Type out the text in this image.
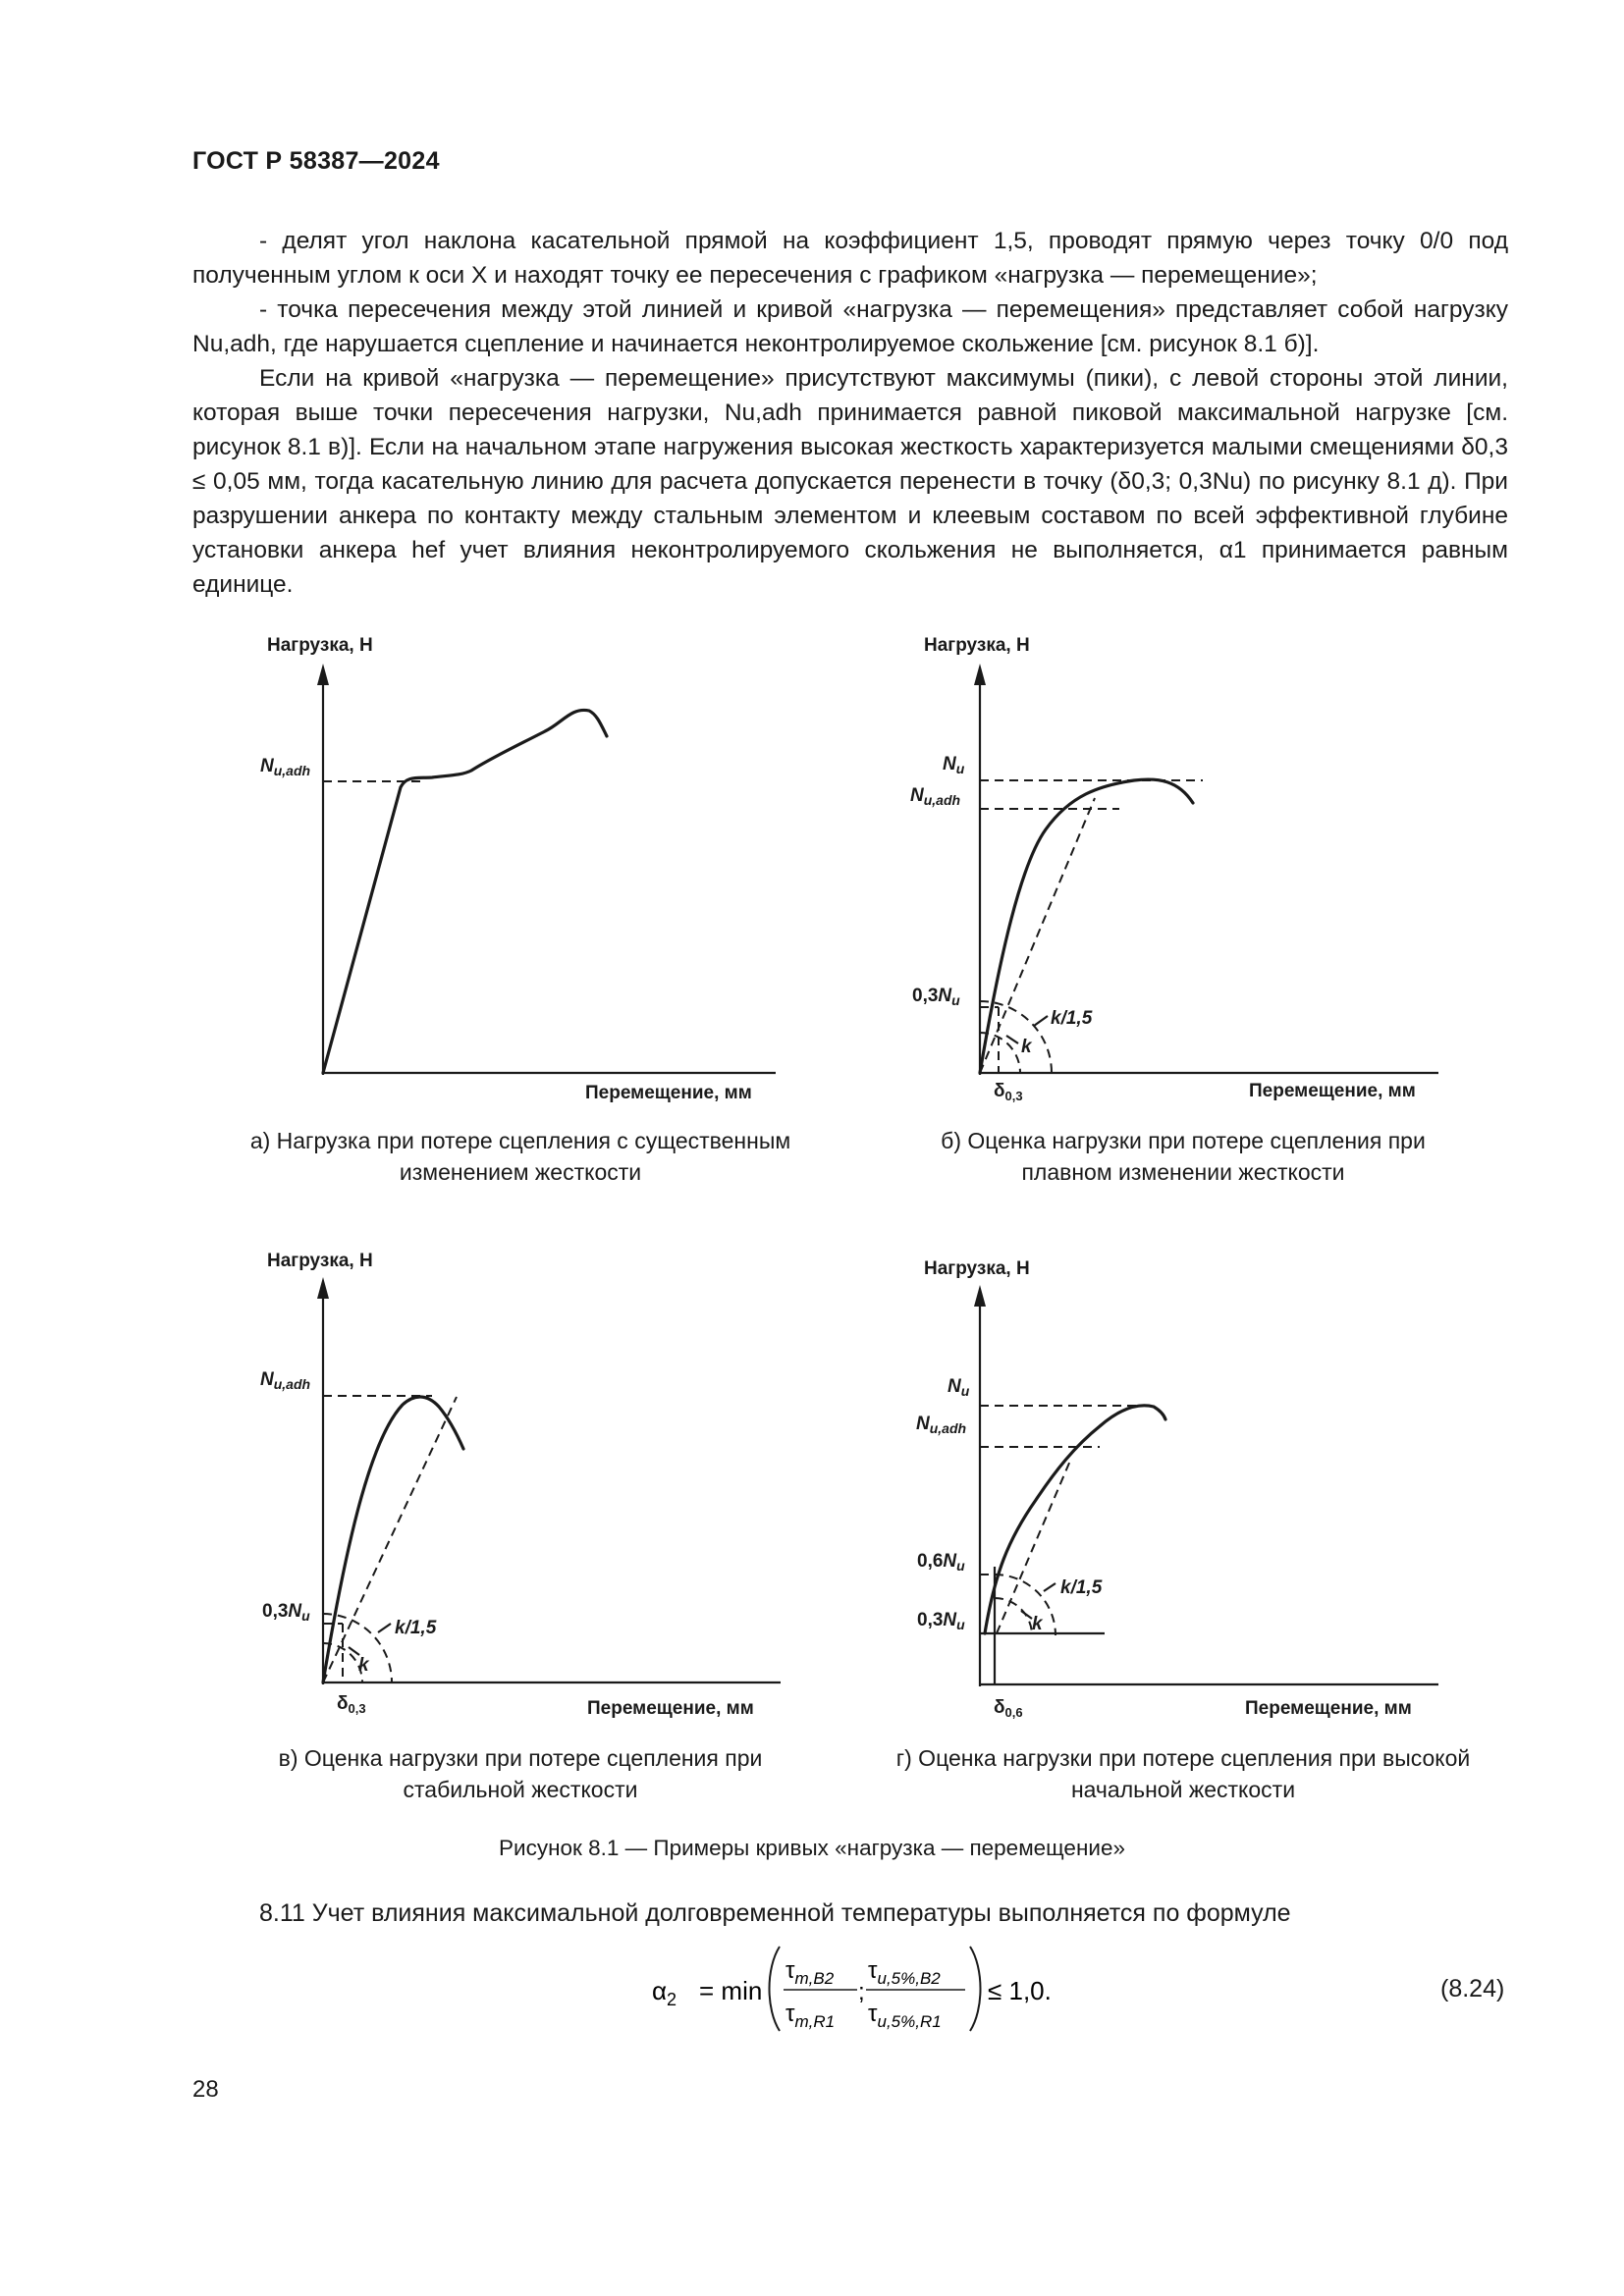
ГОСТ Р 58387—2024

- делят угол наклона касательной прямой на коэффициент 1,5, проводят прямую через точку 0/0 под полученным углом к оси X и находят точку ее пересечения с графиком «нагрузка — перемещение»;

- точка пересечения между этой линией и кривой «нагрузка — перемещения» представляет собой нагрузку Nu,adh, где нарушается сцепление и начинается неконтролируемое скольжение [см. рисунок 8.1 б)].

Если на кривой «нагрузка — перемещение» присутствуют максимумы (пики), с левой стороны этой линии, которая выше точки пересечения нагрузки, Nu,adh принимается равной пиковой максимальной нагрузке [см. рисунок 8.1 в)]. Если на начальном этапе нагружения высокая жесткость характеризуется малыми смещениями δ0,3 ≤ 0,05 мм, тогда касательную линию для расчета допускается перенести в точку (δ0,3; 0,3Nu) по рисунку 8.1 д). При разрушении анкера по контакту между стальным элементом и клеевым составом по всей эффективной глубине установки анкера hef учет влияния неконтролируемого скольжения не выполняется, α1 принимается равным единице.

Нагрузка, Н
Перемещение, мм
$N_{u,adh}$
а) Нагрузка при потере сцепления с существенным
изменением жесткости
Нагрузка, Н
Перемещение, мм
$N_u$
$N_{u,adh}$
$0,3N_u$
k/1,5
k
$\delta_{0,3}$
б) Оценка нагрузки при потере сцепления при
плавном изменении жесткости
Нагрузка, Н
Перемещение, мм
$N_{u,adh}$
$0,3N_u$
k/1,5
k
$\delta_{0,3}$
в) Оценка нагрузки при потере сцепления при
стабильной жесткости
Нагрузка, Н
Перемещение, мм
$N_u$
$N_{u,adh}$
$0,6N_u$
$0,3N_u$
k/1,5
k
$\delta_{0,6}$
г) Оценка нагрузки при потере сцепления при высокой
начальной жесткости
Рисунок 8.1 — Примеры кривых «нагрузка — перемещение»
8.11 Учет влияния максимальной долговременной температуры выполняется по формуле
$\alpha_2 = \min$
$\tau_{m,B2}$
$\tau_{m,R1}$
;
$\tau_{u,5\%,B2}$
$\tau_{u,5\%,R1}$
≤ 1,0.	(8.24)
28
